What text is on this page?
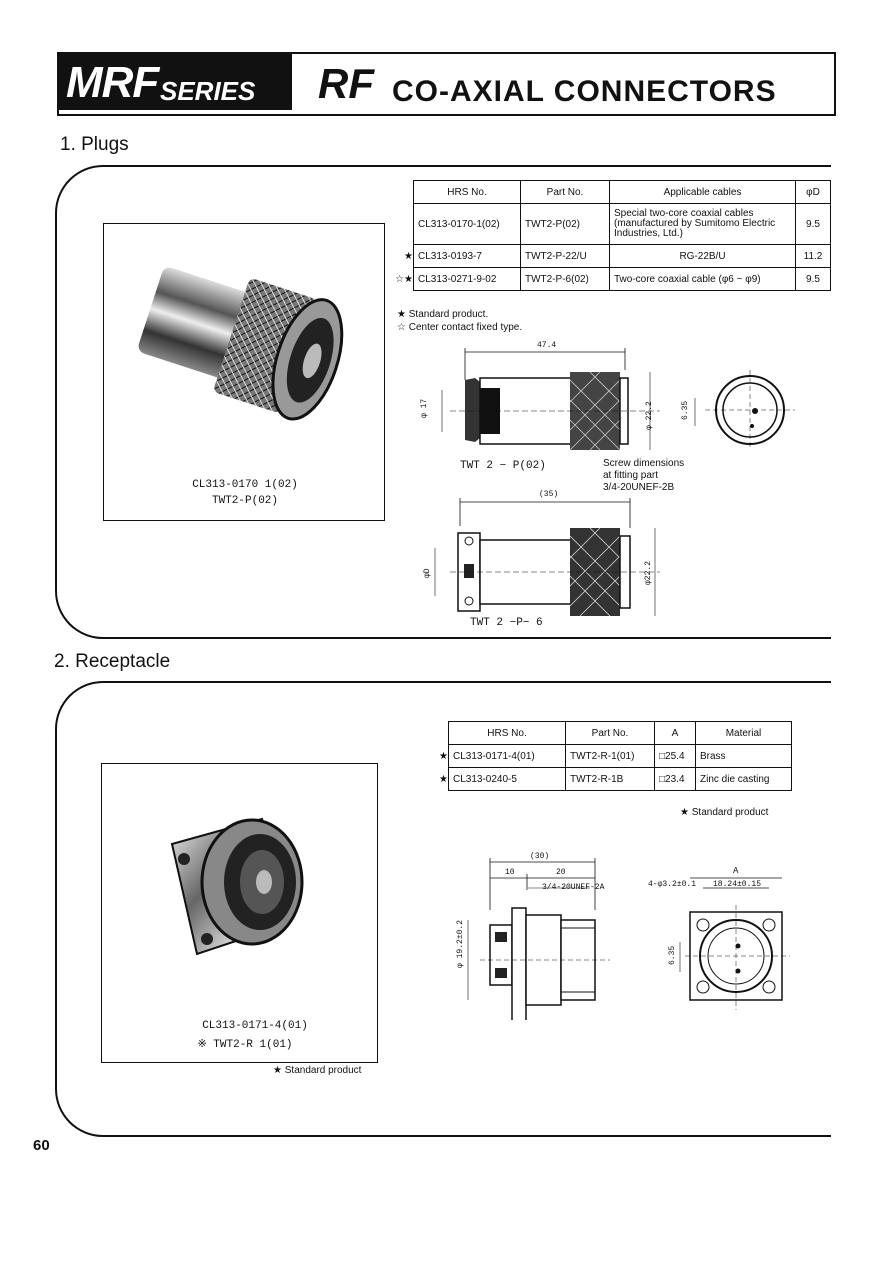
MRF SERIES RF CO-AXIAL CONNECTORS
1. Plugs
	HRS No.	Part No.	Applicable cables	φD
	CL313-0170-1(02)	TWT2-P(02)	Special two-core coaxial cables (manufactured by Sumitomo Electric Industries, Ltd.)	9.5
★	CL313-0193-7	TWT2-P-22/U	RG-22B/U	11.2
☆★	CL313-0271-9-02	TWT2-P-6(02)	Two-core coaxial cable (φ6 ~ φ9)	9.5
★ Standard product.
☆ Center contact fixed type.
CL313-0170 1(02)
TWT2-P(02)
47.4
φ 17	φ 22.2	6.35
TWT 2 − P(02)	Screw dimensions
at fitting part
3/4-20UNEF-2B
(35)
φD	φ22.2
TWT 2 −P− 6
2. Receptacle
	HRS No.	Part No.	A	Material
★	CL313-0171-4(01)	TWT2-R-1(01)	□25.4	Brass
★	CL313-0240-5	TWT2-R-1B	□23.4	Zinc die casting
★ Standard product
CL313-0171-4(01)
※ TWT2-R 1(01)
★ Standard product
(30)
10	20
3/4-20UNEF-2A
φ 19.2±0.2	6.35
A
4-φ3.2±0.1 18.24±0.15
60
